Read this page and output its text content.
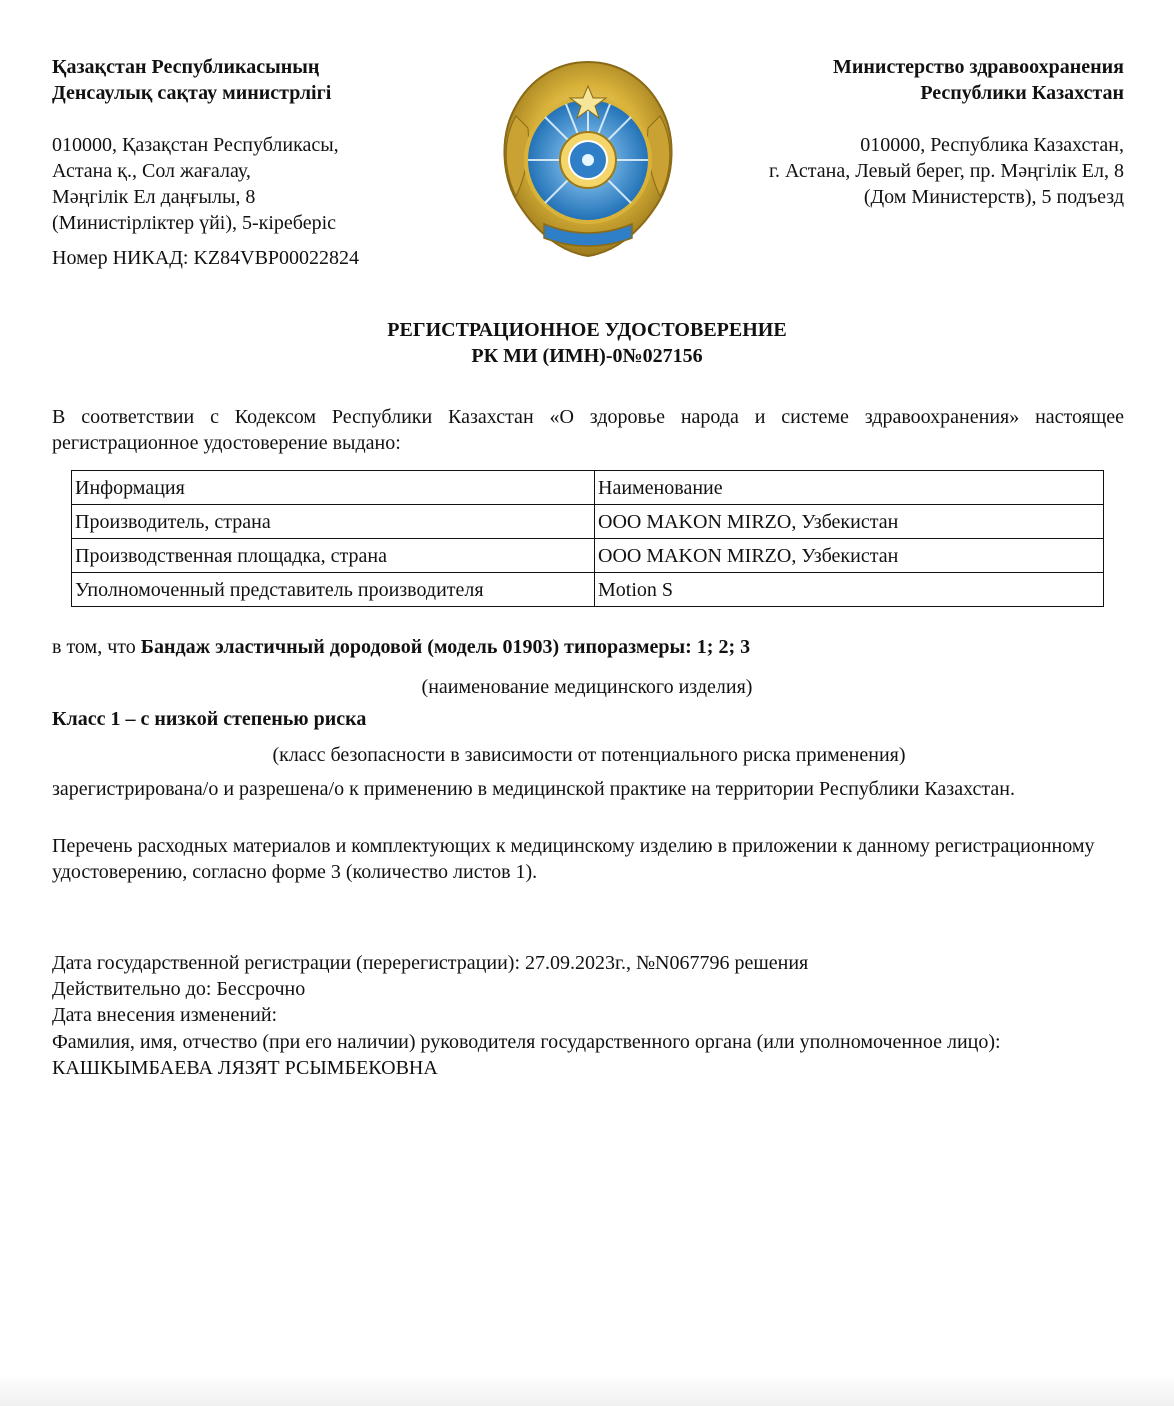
Қазақстан Республикасының
Денсаулық сақтау министрлігі
010000, Қазақстан Республикасы,
Астана қ., Сол жағалау,
Мәңгілік Ел даңғылы, 8
(Министірліктер үйі), 5-кіреберіс
Номер НИКАД: KZ84VBP00022824
Министерство здравоохранения
Республики Казахстан
010000, Республика Казахстан,
г. Астана, Левый берег, пр. Мәңгілік Ел, 8
(Дом Министерств), 5 подъезд
РЕГИСТРАЦИОННОЕ УДОСТОВЕРЕНИЕ
РК МИ (ИМН)-0№027156
В соответствии с Кодексом Республики Казахстан «О здоровье народа и системе здравоохранения» настоящее регистрационное удостоверение выдано:
Информация	Наименование
Производитель, страна	ООО MAKON MIRZO, Узбекистан
Производственная площадка, страна	ООО MAKON MIRZO, Узбекистан
Уполномоченный представитель производителя	Motion S
в том, что Бандаж эластичный дородовой (модель 01903) типоразмеры: 1; 2; 3
(наименование медицинского изделия)
Класс 1 – с низкой степенью риска
(класс безопасности в зависимости от потенциального риска применения)
зарегистрирована/о и разрешена/о к применению в медицинской практике на территории Республики Казахстан.
Перечень расходных материалов и комплектующих к медицинскому изделию в приложении к данному регистрационному удостоверению, согласно форме 3 (количество листов 1).
Дата государственной регистрации (перерегистрации): 27.09.2023г., №N067796 решения
Действительно до: Бессрочно
Дата внесения изменений:
Фамилия, имя, отчество (при его наличии) руководителя государственного органа (или уполномоченное лицо): КАШКЫМБАЕВА ЛЯЗЯТ РСЫМБЕКОВНА
